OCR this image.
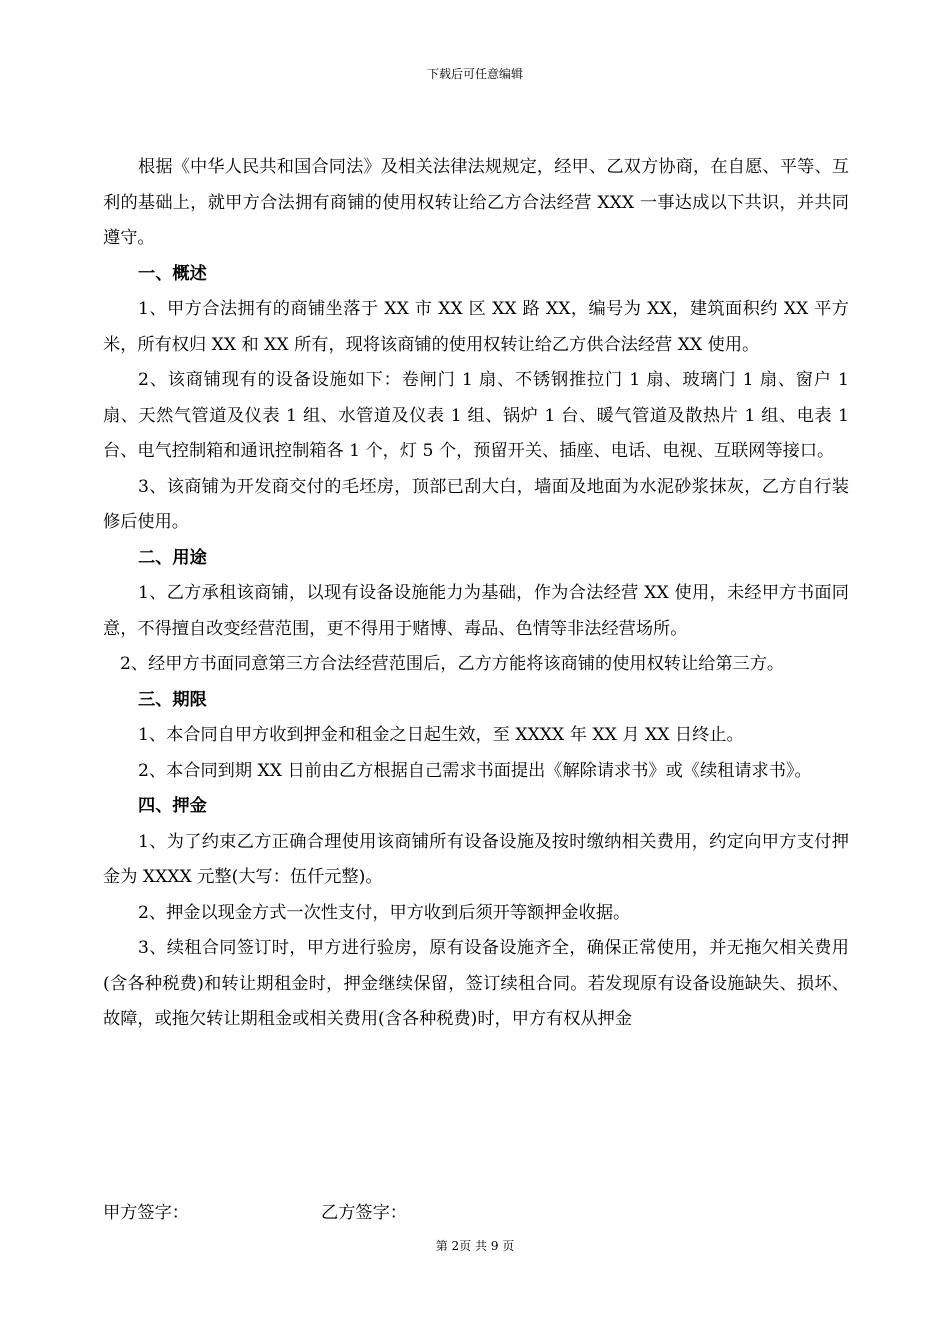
下载后可任意编辑

根据《中华人民共和国合同法》及相关法律法规规定，经甲、乙双方协商，在自愿、平等、互利的基础上，就甲方合法拥有商铺的使用权转让给乙方合法经营 XXX 一事达成以下共识，并共同遵守。

一、概述

1、甲方合法拥有的商铺坐落于 XX 市 XX 区 XX 路 XX，编号为 XX，建筑面积约 XX 平方米，所有权归 XX 和 XX 所有，现将该商铺的使用权转让给乙方供合法经营 XX 使用。

2、该商铺现有的设备设施如下：卷闸门 1 扇、不锈钢推拉门 1 扇、玻璃门 1 扇、窗户 1 扇、天然气管道及仪表 1 组、水管道及仪表 1 组、锅炉 1 台、暖气管道及散热片 1 组、电表 1 台、电气控制箱和通讯控制箱各 1 个，灯 5 个，预留开关、插座、电话、电视、互联网等接口。

3、该商铺为开发商交付的毛坯房，顶部已刮大白，墙面及地面为水泥砂浆抹灰，乙方自行装修后使用。

二、用途

1、乙方承租该商铺，以现有设备设施能力为基础，作为合法经营 XX 使用，未经甲方书面同意，不得擅自改变经营范围，更不得用于赌博、毒品、色情等非法经营场所。

2、经甲方书面同意第三方合法经营范围后，乙方方能将该商铺的使用权转让给第三方。

三、期限

1、本合同自甲方收到押金和租金之日起生效，至 XXXX 年 XX 月 XX 日终止。

2、本合同到期 XX 日前由乙方根据自己需求书面提出《解除请求书》或《续租请求书》。

四、押金

1、为了约束乙方正确合理使用该商铺所有设备设施及按时缴纳相关费用，约定向甲方支付押金为 XXXX 元整(大写：伍仟元整)。

2、押金以现金方式一次性支付，甲方收到后须开等额押金收据。

3、续租合同签订时，甲方进行验房，原有设备设施齐全，确保正常使用，并无拖欠相关费用(含各种税费)和转让期租金时，押金继续保留，签订续租合同。若发现原有设备设施缺失、损坏、故障，或拖欠转让期租金或相关费用(含各种税费)时，甲方有权从押金

甲方签字：	乙方签字：
第 2页 共 9 页
